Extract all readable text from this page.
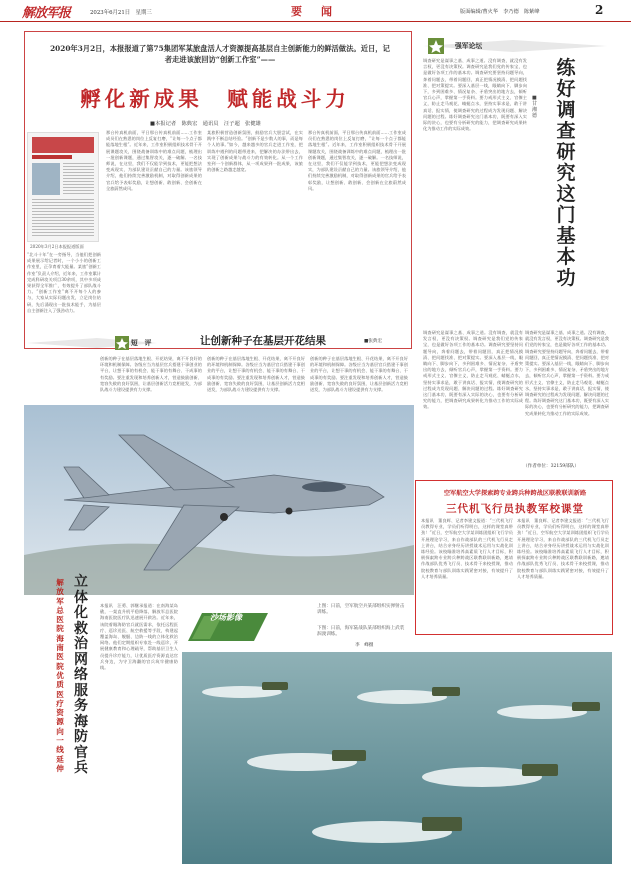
解放军报	2023年6月21日　星期三	要　闻	版面编辑/曹火华　李乃德　陈紫峰	2
2020年3月2日，本报报道了第75集团军某旅盘活人才资源提高基层自主创新能力的鲜活做法。近日，记者走进该旅回访“创新工作室”——
孵化新成果　赋能战斗力
■本报记者　陈典宏　通讯员　汪子超　张健雄
2020年3月2日本报报道版面
“北斗十年”在一旁指导，当他们把创新成果展示给记者时，一个小小的创新工作室里，正孕育着大能量。某旅“创新工作室”负责人介绍，近年来，工作室累计完成科研攻关项目30余项，其中多项成果获得全军推广，有效提升了部队战斗力。“创新工作室”离不开每个人的参与，大家从实际问题出发，立足岗位钻研，先后涌现出一批技术能手，为基层自主创新注入了强劲动力。
那台传真机前面，平日那台传真机前面……工作室成员们在熟悉的岗位上反复打磨，“让每一个点子都能落地生根”。近年来，工作室积极组织技术骨干开展课题攻关，围绕战备训练中的难点问题，梳理出一批创新课题，通过集智攻关，逐一破解。一名技师说，在这里，我们不仅能学到技术，更能把想法变成现实，为部队建设贡献自己的力量。该旅领导介绍，他们持续完善激励机制，对取得创新成果的官兵给予表彰奖励，让想创新、敢创新、会创新在全旅蔚然成风。
某旅积极营造创新氛围，鼓励官兵大胆尝试，在实践中不断总结经验。“创新不是少数人的事，而是每个人的事。”如今，越来越多的官兵走进工作室，把训练中遇到的问题带进来，把解决的办法带出去，实现了创新成果与战斗力的有效转化。从一个工作室到一个创新群体，从一项成果到一批成果，该旅的创新之路越走越宽。
那台传真机前面，平日那台传真机前面……工作室成员们在熟悉的岗位上反复打磨，“让每一个点子都能落地生根”。近年来，工作室积极组织技术骨干开展课题攻关，围绕战备训练中的难点问题，梳理出一批创新课题，通过集智攻关，逐一破解。一名技师说，在这里，我们不仅能学到技术，更能把想法变成现实，为部队建设贡献自己的力量。该旅领导介绍，他们持续完善激励机制，对取得创新成果的官兵给予表彰奖励，让想创新、敢创新、会创新在全旅蔚然成风。
短　评	让创新种子在基层开花结果	■张典宏
创新的种子在基层落地生根、开花结果，离不开良好的环境和机制保障。各级应当为基层官兵搭建干事创业的平台，让想干事的有机会、能干事的有舞台、干成事的有奖励。要注重发现和培养创新人才，营造鼓励创新、宽容失败的良好氛围，让基层创新活力竞相迸发，为部队战斗力建设提供有力支撑。
创新的种子在基层落地生根、开花结果，离不开良好的环境和机制保障。各级应当为基层官兵搭建干事创业的平台，让想干事的有机会、能干事的有舞台、干成事的有奖励。要注重发现和培养创新人才，营造鼓励创新、宽容失败的良好氛围，让基层创新活力竞相迸发，为部队战斗力建设提供有力支撑。
创新的种子在基层落地生根、开花结果，离不开良好的环境和机制保障。各级应当为基层官兵搭建干事创业的平台，让想干事的有机会、能干事的有舞台、干成事的有奖励。要注重发现和培养创新人才，营造鼓励创新、宽容失败的良好氛围，让基层创新活力竞相迸发，为部队战斗力建设提供有力支撑。
强军论坛
调查研究是谋事之基、成事之道。没有调查，就没有发言权，更没有决策权。调查研究是我们党的传家宝，也是做好各项工作的基本功。调查研究要坚持问题导向，奔着问题去，带着问题回，真正把情况摸清、把问题找准、把对策提实。要深入基层一线，眼睛向下、脚步向下，多到困难多、情况复杂、矛盾突出的地方去，倾听官兵心声，掌握第一手资料。要力戒形式主义、官僚主义，防止走马观花、蜻蜓点水，坚持实事求是，敢于讲真话、报实情，使调查研究的过程成为发现问题、解决问题的过程。练好调查研究这门基本功，既要有深入实际的决心，也要有分析研究的能力，把调查研究成果转化为推动工作的实际成效。
■甘湘德
练好调查研究这门基本功
调查研究是谋事之基、成事之道。没有调查，就没有发言权，更没有决策权。调查研究是我们党的传家宝，也是做好各项工作的基本功。调查研究要坚持问题导向，奔着问题去，带着问题回，真正把情况摸清、把问题找准、把对策提实。要深入基层一线，眼睛向下、脚步向下，多到困难多、情况复杂、矛盾突出的地方去，倾听官兵心声，掌握第一手资料。要力戒形式主义、官僚主义，防止走马观花、蜻蜓点水，坚持实事求是，敢于讲真话、报实情，使调查研究的过程成为发现问题、解决问题的过程。练好调查研究这门基本功，既要有深入实际的决心，也要有分析研究的能力，把调查研究成果转化为推动工作的实际成效。
调查研究是谋事之基、成事之道。没有调查，就没有发言权，更没有决策权。调查研究是我们党的传家宝，也是做好各项工作的基本功。调查研究要坚持问题导向，奔着问题去，带着问题回，真正把情况摸清、把问题找准、把对策提实。要深入基层一线，眼睛向下、脚步向下，多到困难多、情况复杂、矛盾突出的地方去，倾听官兵心声，掌握第一手资料。要力戒形式主义、官僚主义，防止走马观花、蜻蜓点水，坚持实事求是，敢于讲真话、报实情，使调查研究的过程成为发现问题、解决问题的过程。练好调查研究这门基本功，既要有深入实际的决心，也要有分析研究的能力，把调查研究成果转化为推动工作的实际成效。
（作者单位：32159部队）
空军航空大学探索跨专业跨兵种跨战区联教联训新路
三代机飞行员执教军校课堂
本报讯　董良辉、记者李建文报道：“三代机飞行员教得专业，学员们听得明白，这样的课堂真带劲！”近日，空军航空大学某训练团组织飞行学员开展理论学习，来自作战部队的三代机飞行员走上讲台，结合亲身经历讲授战术运用与实战化训练经验。该校瞄准培养高素质飞行人才目标，积极探索跨专业跨兵种跨战区联教联训新路，邀请作战部队优秀飞行员、技术骨干来校授课，推动院校教育与部队训练实践紧密对接，有效提升了人才培养质量。
本报讯　董良辉、记者李建文报道：“三代机飞行员教得专业，学员们听得明白，这样的课堂真带劲！”近日，空军航空大学某训练团组织飞行学员开展理论学习，来自作战部队的三代机飞行员走上讲台，结合亲身经历讲授战术运用与实战化训练经验。该校瞄准培养高素质飞行人才目标，积极探索跨专业跨兵种跨战区联教联训新路，邀请作战部队优秀飞行员、技术骨干来校授课，推动院校教育与部队训练实践紧密对接，有效提升了人才培养质量。
解放军总医院海南医院优质医疗资源向一线延伸
立体化救治网络服务海防官兵
本报讯　汪勇、郭继承报道：在南海某岛礁，一架直升机平稳降落，解放军总医院海南医院医疗队迅速展开救治。近年来，该院着眼海防官兵就医需求，依托远程医疗、巡诊送医、航空救援等手段，构建起覆盖海岛、舰艇、边防一线的立体化救治网络。他们定期组织专家赴一线巡诊，开展健康教育和心理疏导，帮助基层卫生人员提升诊疗能力，让优质医疗资源直达官兵身边，为守卫海疆的官兵筑牢健康防线。
沙场影像
上图：日前，空军航空兵某部组织实弹射击训练。
下图：日前，海军陆战队某部组织海上武装泅渡训练。
李　峰摄
